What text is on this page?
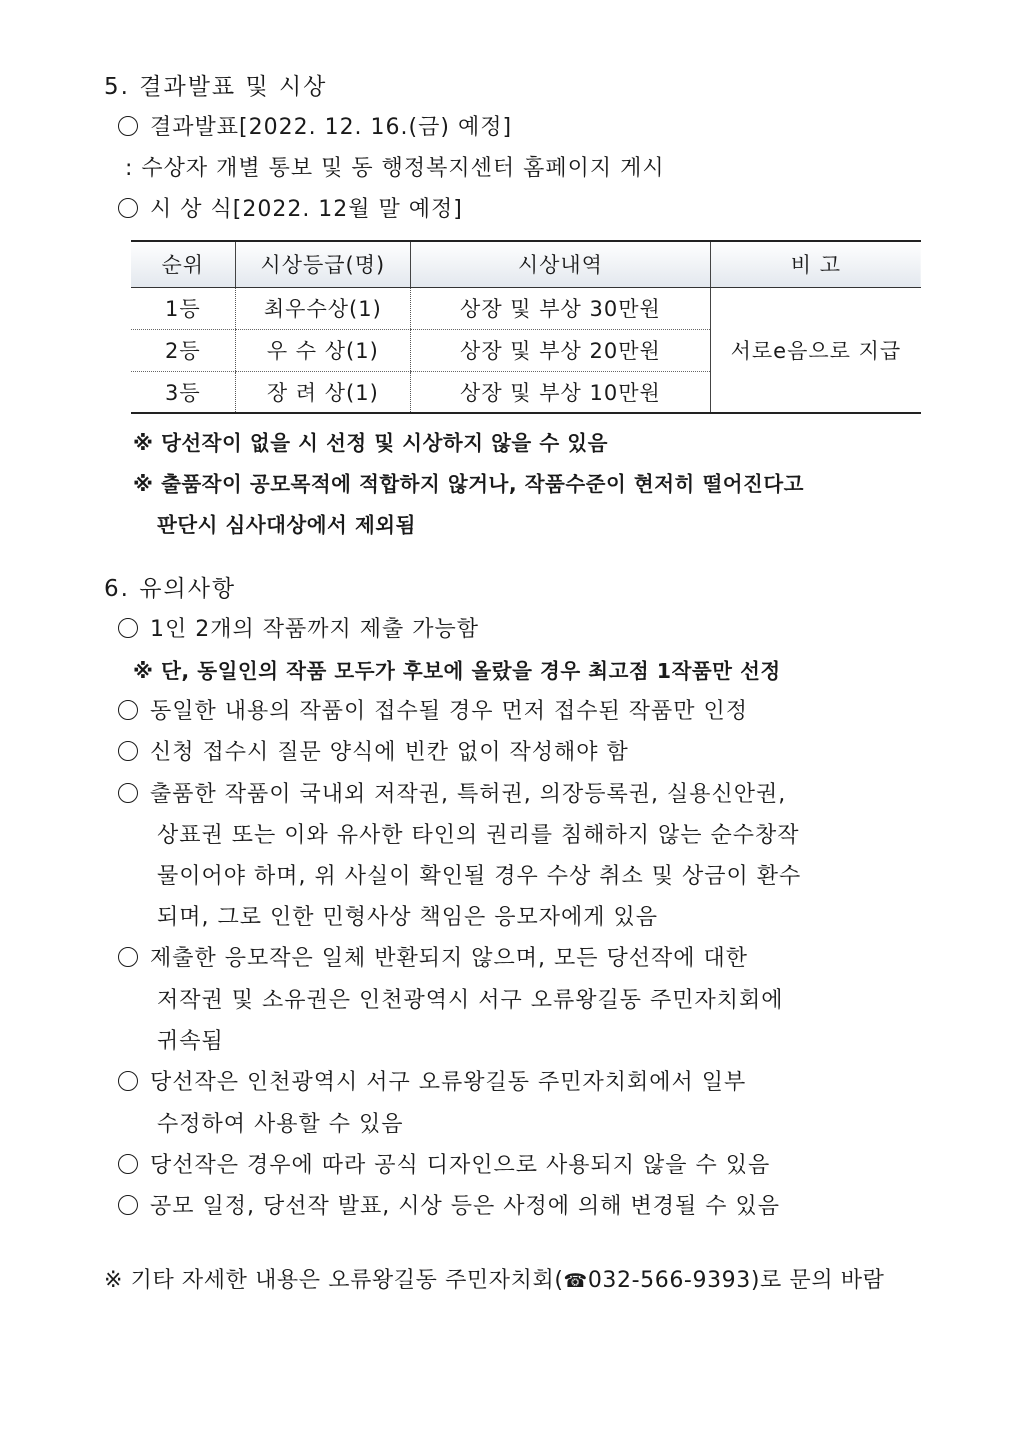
5. 결과발표 및 시상
결과발표[2022. 12. 16.(금) 예정]
: 수상자 개별 통보 및 동 행정복지센터 홈페이지 게시
시 상 식[2022. 12월 말 예정]
순위	시상등급(명)	시상내역	비 고
1등	최우수상(1)	상장 및 부상 30만원	서로e음으로 지급
2등	우 수 상(1)	상장 및 부상 20만원	
3등	장 려 상(1)	상장 및 부상 10만원	
※ 당선작이 없을 시 선정 및 시상하지 않을 수 있음
※ 출품작이 공모목적에 적합하지 않거나, 작품수준이 현저히 떨어진다고
판단시 심사대상에서 제외됨
6. 유의사항
1인 2개의 작품까지 제출 가능함
※ 단, 동일인의 작품 모두가 후보에 올랐을 경우 최고점 1작품만 선정
동일한 내용의 작품이 접수될 경우 먼저 접수된 작품만 인정
신청 접수시 질문 양식에 빈칸 없이 작성해야 함
출품한 작품이 국내외 저작권, 특허권, 의장등록권, 실용신안권,
상표권 또는 이와 유사한 타인의 권리를 침해하지 않는 순수창작
물이어야 하며, 위 사실이 확인될 경우 수상 취소 및 상금이 환수
되며, 그로 인한 민형사상 책임은 응모자에게 있음
제출한 응모작은 일체 반환되지 않으며, 모든 당선작에 대한
저작권 및 소유권은 인천광역시 서구 오류왕길동 주민자치회에
귀속됨
당선작은 인천광역시 서구 오류왕길동 주민자치회에서 일부
수정하여 사용할 수 있음
당선작은 경우에 따라 공식 디자인으로 사용되지 않을 수 있음
공모 일정, 당선작 발표, 시상 등은 사정에 의해 변경될 수 있음
※ 기타 자세한 내용은 오류왕길동 주민자치회(☎032-566-9393)로 문의 바람
